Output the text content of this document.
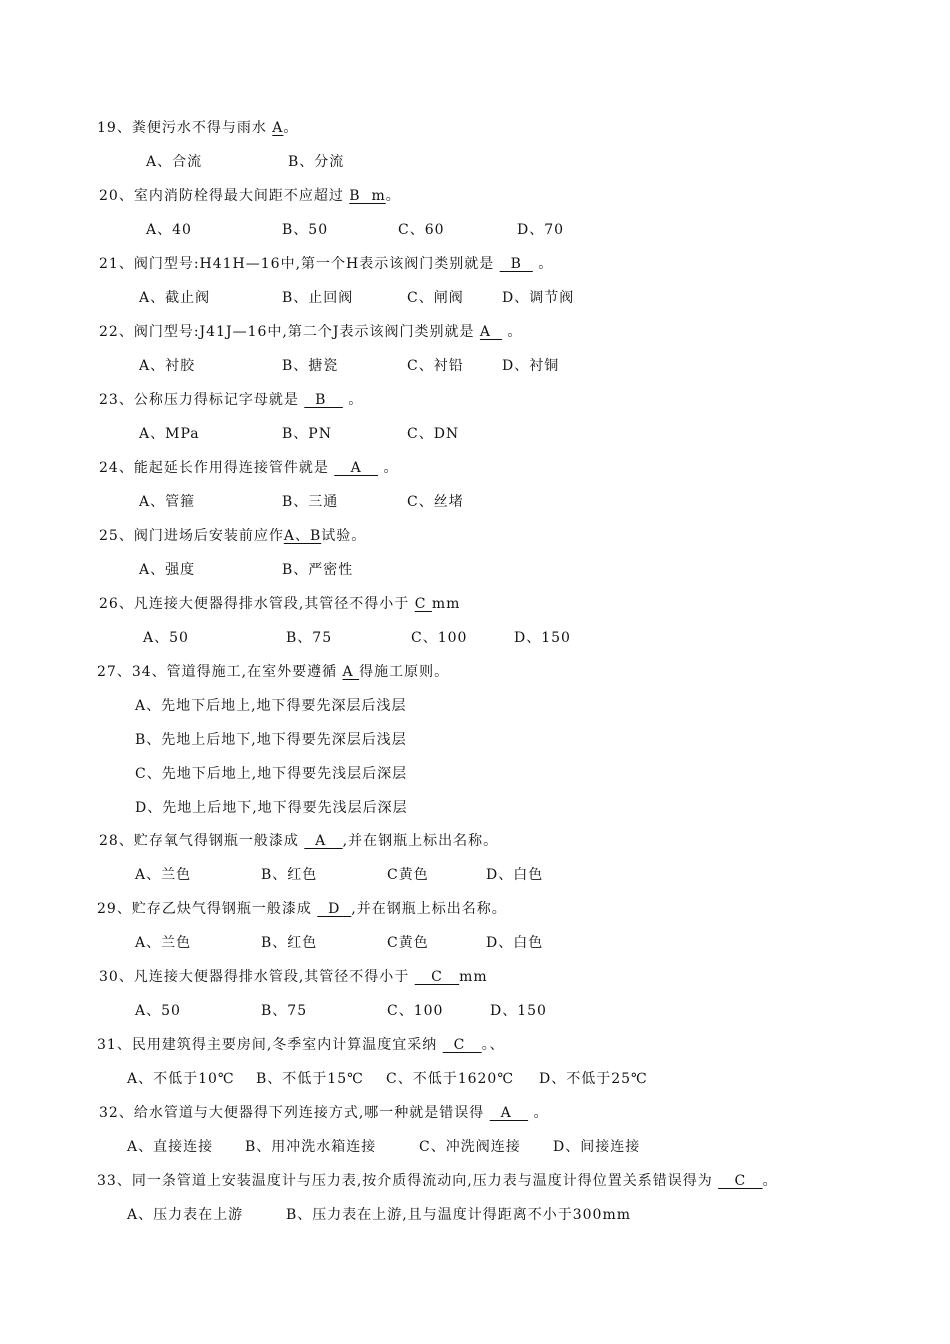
19、粪便污水不得与雨水 A。
A、合流	B、分流
20、室内消防栓得最大间距不应超过 B  m。
A、40	B、50	C、60	D、70
21、阀门型号:H41H—16中,第一个H表示该阀门类别就是   B   。
A、截止阀	B、止回阀	C、闸阀	D、调节阀
22、阀门型号:J41J—16中,第二个J表示该阀门类别就是 A   。
A、衬胶	B、搪瓷	C、衬铅	D、衬铜
23、公称压力得标记字母就是   B    。
A、MPa	B、PN	C、DN
24、能起延长作用得连接管件就是    A    。
A、管箍	B、三通	C、丝堵
25、阀门进场后安装前应作A、B试验。
A、强度	B、严密性
26、凡连接大便器得排水管段,其管径不得小于 C mm
A、50	B、75	C、100	D、150
27、34、管道得施工,在室外要遵循 A 得施工原则。
A、先地下后地上,地下得要先深层后浅层
B、先地上后地下,地下得要先深层后浅层
C、先地下后地上,地下得要先浅层后深层
D、先地上后地下,地下得要先浅层后深层
28、贮存氧气得钢瓶一般漆成   A   ,并在钢瓶上标出名称。
A、兰色	B、红色	C黄色	D、白色
29、贮存乙炔气得钢瓶一般漆成   D  ,并在钢瓶上标出名称。
A、兰色	B、红色	C黄色	D、白色
30、凡连接大便器得排水管段,其管径不得小于    C   mm
A、50	B、75	C、100	D、150
31、民用建筑得主要房间,冬季室内计算温度宜采纳   C   。、
A、不低于10℃ B、不低于15℃ C、不低于1620℃ D、不低于25℃
32、给水管道与大便器得下列连接方式,哪一种就是错误得   A    。
A、直接连接 B、用冲洗水箱连接	C、冲洗阀连接 D、间接连接
33、同一条管道上安装温度计与压力表,按介质得流动向,压力表与温度计得位置关系错误得为    C   。
A、压力表在上游	B、压力表在上游,且与温度计得距离不小于300mm
